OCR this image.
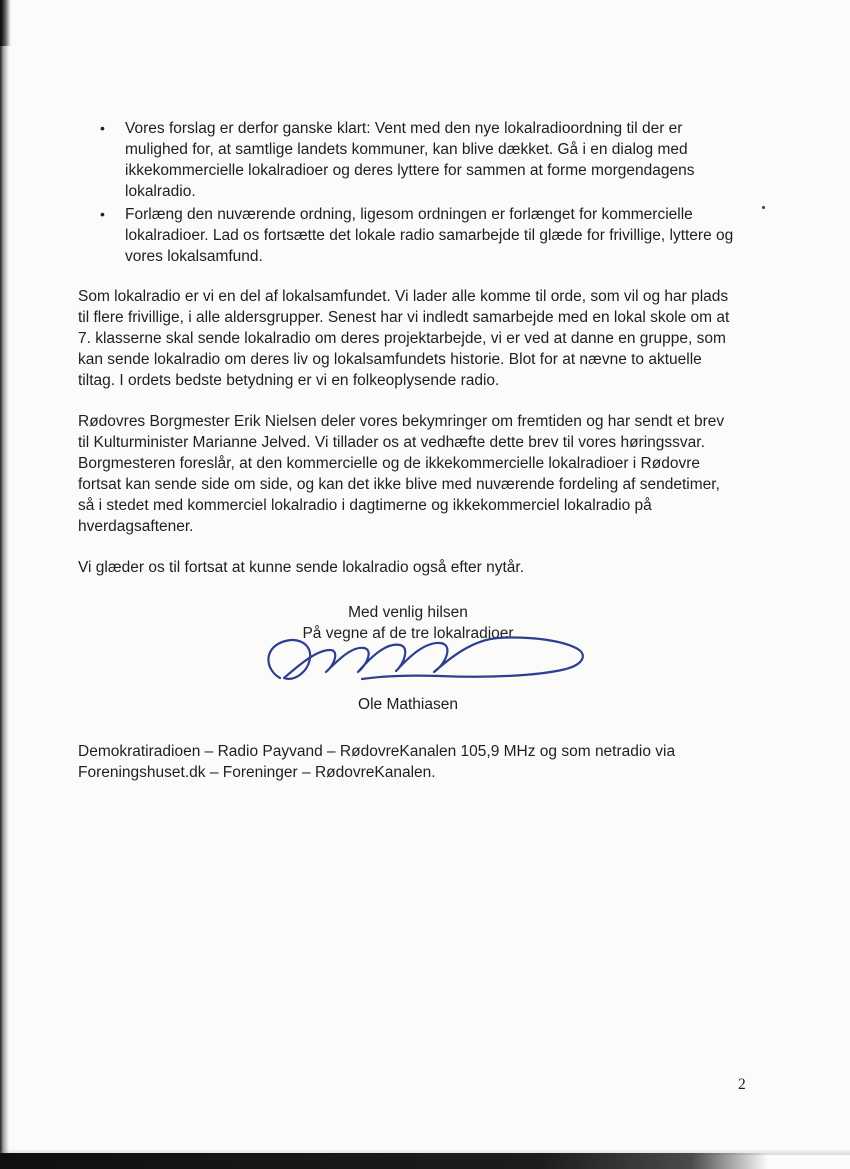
• Vores forslag er derfor ganske klart: Vent med den nye lokalradioordning til der er mulighed for, at samtlige landets kommuner, kan blive dækket. Gå i en dialog med ikkekommercielle lokalradioer og deres lyttere for sammen at forme morgendagens lokalradio.
• Forlæng den nuværende ordning, ligesom ordningen er forlænget for kommercielle lokalradioer. Lad os fortsætte det lokale radio samarbejde til glæde for frivillige, lyttere og vores lokalsamfund.

Som lokalradio er vi en del af lokalsamfundet. Vi lader alle komme til orde, som vil og har plads til flere frivillige, i alle aldersgrupper. Senest har vi indledt samarbejde med en lokal skole om at 7. klasserne skal sende lokalradio om deres projektarbejde, vi er ved at danne en gruppe, som kan sende lokalradio om deres liv og lokalsamfundets historie. Blot for at nævne to aktuelle tiltag. I ordets bedste betydning er vi en folkeoplysende radio.

Rødovres Borgmester Erik Nielsen deler vores bekymringer om fremtiden og har sendt et brev til Kulturminister Marianne Jelved. Vi tillader os at vedhæfte dette brev til vores høringssvar. Borgmesteren foreslår, at den kommercielle og de ikkekommercielle lokalradioer i Rødovre fortsat kan sende side om side, og kan det ikke blive med nuværende fordeling af sendetimer, så i stedet med kommerciel lokalradio i dagtimerne og ikkekommerciel lokalradio på hverdagsaftener.

Vi glæder os til fortsat at kunne sende lokalradio også efter nytår.

Med venlig hilsen
På vegne af de tre lokalradioer
Ole Mathiasen

Demokratiradioen – Radio Payvand – RødovreKanalen 105,9 MHz og som netradio via Foreningshuset.dk – Foreninger – RødovreKanalen.

2
